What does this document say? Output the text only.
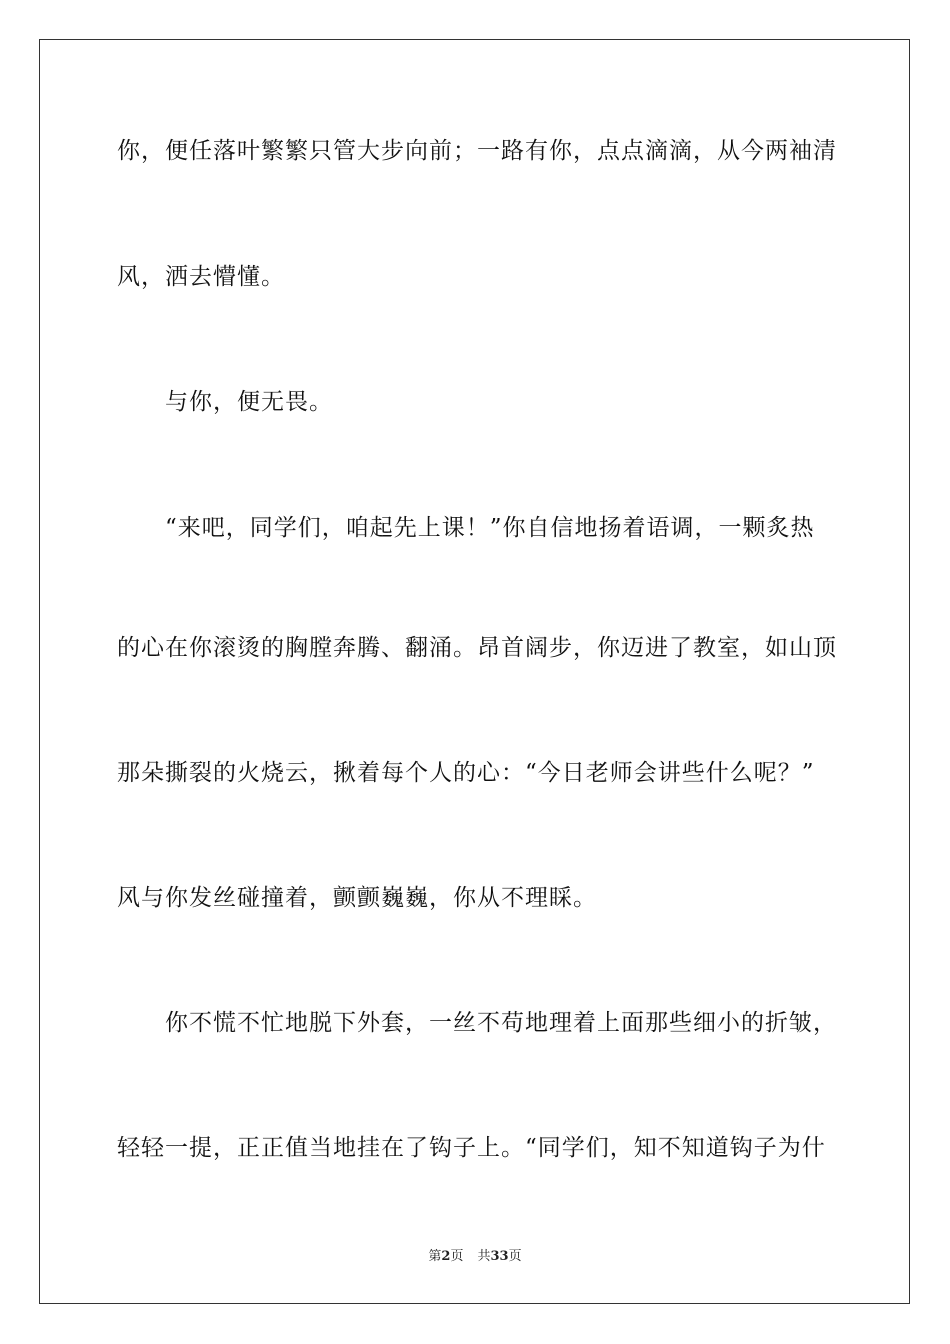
你，便任落叶繁繁只管大步向前；一路有你，点点滴滴，从今两袖清
风，洒去懵懂。
与你，便无畏。
“来吧，同学们，咱起先上课！”你自信地扬着语调，一颗炙热
的心在你滚烫的胸膛奔腾、翻涌。昂首阔步，你迈进了教室，如山顶
那朵撕裂的火烧云，揪着每个人的心：“今日老师会讲些什么呢？”
风与你发丝碰撞着，颤颤巍巍，你从不理睬。
你不慌不忙地脱下外套，一丝不苟地理着上面那些细小的折皱，
轻轻一提，正正值当地挂在了钩子上。“同学们，知不知道钩子为什
第2页 共33页
